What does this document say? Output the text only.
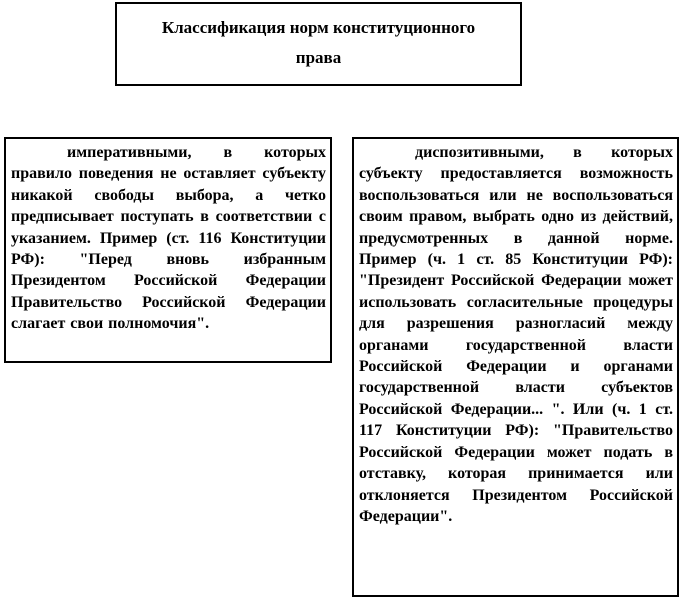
Классификация норм конституционного
права

императивными, в которых правило поведения не оставляет субъекту никакой свободы выбора, а четко предписывает поступать в соответствии с указанием. Пример (ст. 116 Конституции РФ): "Перед вновь избранным Президентом Российской Федерации Правительство Российской Федерации слагает свои полномочия".

диспозитивными, в которых субъекту предоставляется возможность воспользоваться или не воспользоваться своим правом, выбрать одно из действий, предусмотренных в данной норме. Пример (ч. 1 ст. 85 Конституции РФ): "Президент Российской Федерации может использовать согласительные процедуры для разрешения разногласий между органами государственной власти Российской Федерации и органами государственной власти субъектов Российской Федерации... ". Или (ч. 1 ст. 117 Конституции РФ): "Правительство Российской Федерации может подать в отставку, которая принимается или отклоняется Президентом Российской Федерации".
